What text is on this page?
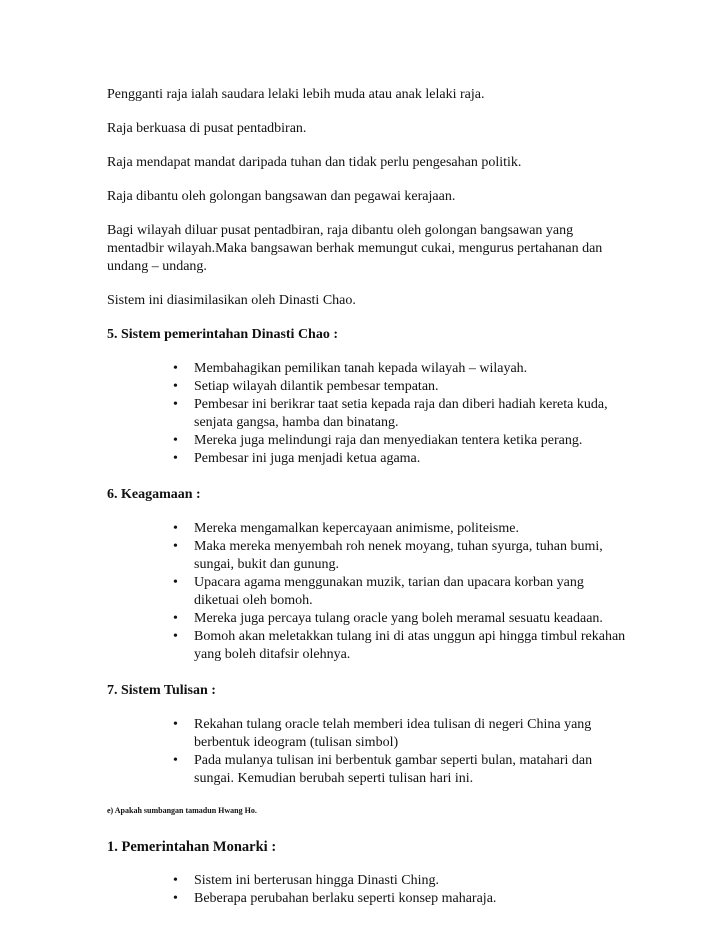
Pengganti raja ialah saudara lelaki lebih muda atau anak lelaki raja.

Raja berkuasa di pusat pentadbiran.

Raja mendapat mandat daripada tuhan dan tidak perlu pengesahan politik.

Raja dibantu oleh golongan bangsawan dan pegawai kerajaan.

Bagi wilayah diluar pusat pentadbiran, raja dibantu oleh golongan bangsawan yang mentadbir wilayah.Maka bangsawan berhak memungut cukai, mengurus pertahanan dan undang – undang.

Sistem ini diasimilasikan oleh Dinasti Chao.

5. Sistem pemerintahan Dinasti Chao :

• Membahagikan pemilikan tanah kepada wilayah – wilayah.
• Setiap wilayah dilantik pembesar tempatan.
• Pembesar ini berikrar taat setia kepada raja dan diberi hadiah kereta kuda, senjata gangsa, hamba dan binatang.
• Mereka juga melindungi raja dan menyediakan tentera ketika perang.
• Pembesar ini juga menjadi ketua agama.

6. Keagamaan :

• Mereka mengamalkan kepercayaan animisme, politeisme.
• Maka mereka menyembah roh nenek moyang, tuhan syurga, tuhan bumi, sungai, bukit dan gunung.
• Upacara agama menggunakan muzik, tarian dan upacara korban yang diketuai oleh bomoh.
• Mereka juga percaya tulang oracle yang boleh meramal sesuatu keadaan.
• Bomoh akan meletakkan tulang ini di atas unggun api hingga timbul rekahan yang boleh ditafsir olehnya.

7. Sistem Tulisan :

• Rekahan tulang oracle telah memberi idea tulisan di negeri China yang berbentuk ideogram (tulisan simbol)
• Pada mulanya tulisan ini berbentuk gambar seperti bulan, matahari dan sungai. Kemudian berubah seperti tulisan hari ini.

e) Apakah sumbangan tamadun Hwang Ho.

1. Pemerintahan Monarki :

• Sistem ini berterusan hingga Dinasti Ching.
• Beberapa perubahan berlaku seperti konsep maharaja.
